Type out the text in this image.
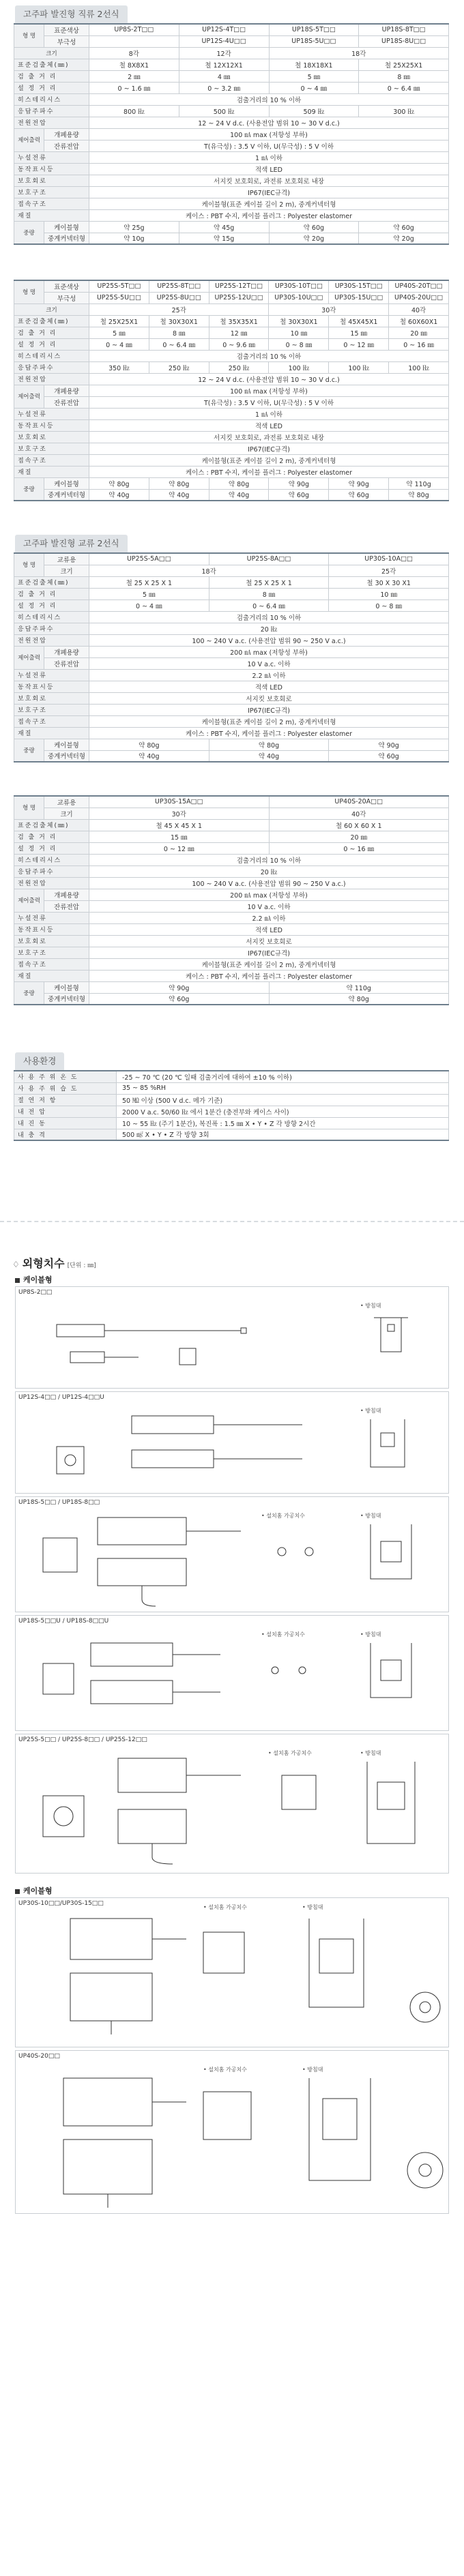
고주파 발진형 직류 2선식
형 명	표준색상	UP8S-2T□□	UP12S-4T□□	UP18S-5T□□	UP18S-8T□□
	부극성		UP12S-4U□□	UP18S-5U□□	UP18S-8U□□
크기		8각	12각	18각	
표준검출체(㎜)		철 8X8X1	철 12X12X1	철 18X18X1	철 25X25X1
검 출 거 리		2 ㎜	4 ㎜	5 ㎜	8 ㎜
설 정 거 리		0 ~ 1.6 ㎜	0 ~ 3.2 ㎜	0 ~ 4 ㎜	0 ~ 6.4 ㎜
히스테리시스		검출거리의 10 % 이하			
응답주파수		800 ㎐	500 ㎐	509 ㎐	300 ㎐
전원전압		12 ~ 24 V d.c. (사용전압 범위 10 ~ 30 V d.c.)			
제어출력	개폐용량	100 ㎃ max (저항성 부하)			
	잔류전압	T(유극성) : 3.5 V 이하, U(무극성) : 5 V 이하			
누설전류		1 ㎃ 이하			
동작표시등		적색 LED			
보호회로		서지킷 보호회로, 과전류 보호회로 내장			
보호구조		IP67(IEC규격)			
접속구조		케이블형(표준 케이블 길이 2 m), 중계커넥터형			
재질		케이스 : PBT 수지, 케이블 플러그 : Polyester elastomer			
중량	케이블형	약 25g	약 45g	약 60g	약 60g
	중계커넥터형	약 10g	약 15g	약 20g	약 20g
형 명	표준색상	UP25S-5T□□	UP25S-8T□□	UP25S-12T□□	UP30S-10T□□	UP30S-15T□□	UP40S-20T□□
	부극성	UP25S-5U□□	UP25S-8U□□	UP25S-12U□□	UP30S-10U□□	UP30S-15U□□	UP40S-20U□□
크기		25각			30각		40각
표준검출체(㎜)		철 25X25X1	철 30X30X1	철 35X35X1	철 30X30X1	철 45X45X1	철 60X60X1
검 출 거 리		5 ㎜	8 ㎜	12 ㎜	10 ㎜	15 ㎜	20 ㎜
설 정 거 리		0 ~ 4 ㎜	0 ~ 6.4 ㎜	0 ~ 9.6 ㎜	0 ~ 8 ㎜	0 ~ 12 ㎜	0 ~ 16 ㎜
히스테리시스		검출거리의 10 % 이하					
응답주파수		350 ㎐	250 ㎐	250 ㎐	100 ㎐	100 ㎐	100 ㎐
전원전압		12 ~ 24 V d.c. (사용전압 범위 10 ~ 30 V d.c.)					
제어출력	개폐용량	100 ㎃ max (저항성 부하)					
	잔류전압	T(유극성) : 3.5 V 이하, U(무극성) : 5 V 이하					
누설전류		1 ㎃ 이하					
동작표시등		적색 LED					
보호회로		서지킷 보호회로, 과전류 보호회로 내장					
보호구조		IP67(IEC규격)					
접속구조		케이블형(표준 케이블 길이 2 m), 중계커넥터형					
재질		케이스 : PBT 수지, 케이블 플러그 : Polyester elastomer					
중량	케이블형	약 80g	약 80g	약 80g	약 90g	약 90g	약 110g
	중계커넥터형	약 40g	약 40g	약 40g	약 60g	약 60g	약 80g
고주파 발진형 교류 2선식
형 명	교류용	UP25S-5A□□	UP25S-8A□□	UP30S-10A□□
	크기	18각		25각
표준검출체(㎜)		철 25 X 25 X 1	철 25 X 25 X 1	철 30 X 30 X1
검 출 거 리		5 ㎜	8 ㎜	10 ㎜
설 정 거 리		0 ~ 4 ㎜	0 ~ 6.4 ㎜	0 ~ 8 ㎜
히스테리시스		검출거리의 10 % 이하		
응답주파수		20 ㎐		
전원전압		100 ~ 240 V a.c. (사용전압 범위 90 ~ 250 V a.c.)		
제어출력	개폐용량	200 ㎃ max (저항성 부하)		
	잔류전압	10 V a.c. 이하		
누설전류		2.2 ㎃ 이하		
동작표시등		적색 LED		
보호회로		서지킷 보호회로		
보호구조		IP67(IEC규격)		
접속구조		케이블형(표준 케이블 길이 2 m), 중계커넥터형		
재질		케이스 : PBT 수지, 케이블 플러그 : Polyester elastomer		
중량	케이블형	약 80g	약 80g	약 90g
	중계커넥터형	약 40g	약 40g	약 60g
형 명	교류용	UP30S-15A□□	UP40S-20A□□
	크기	30각	40각
표준검출체(㎜)		철 45 X 45 X 1	철 60 X 60 X 1
검 출 거 리		15 ㎜	20 ㎜
설 정 거 리		0 ~ 12 ㎜	0 ~ 16 ㎜
히스테리시스		검출거리의 10 % 이하	
응답주파수		20 ㎐	
전원전압		100 ~ 240 V a.c. (사용전압 범위 90 ~ 250 V a.c.)	
제어출력	개폐용량	200 ㎃ max (저항성 부하)	
	잔류전압	10 V a.c. 이하	
누설전류		2.2 ㎃ 이하	
동작표시등		적색 LED	
보호회로		서지킷 보호회로	
보호구조		IP67(IEC규격)	
접속구조		케이블형(표준 케이블 길이 2 m), 중계커넥터형	
재질		케이스 : PBT 수지, 케이블 플러그 : Polyester elastomer	
중량	케이블형	약 90g	약 110g
	중계커넥터형	약 60g	약 80g
사용환경
사 용 주 위 온 도	-25 ~ 70 ℃ (20 ℃ 일때 검출거리에 대하여 ±10 % 이하)
사 용 주 위 습 도	35 ~ 85 %RH
절 연 저 항	50 ㏁ 이상 (500 V d.c. 메가 기준)
내 전 압	2000 V a.c. 50/60 ㎐ 에서 1분간 (충전부와 케이스 사이)
내 진 동	10 ~ 55 ㎐ (주기 1분간), 복진폭 : 1.5 ㎜ X • Y • Z 각 방향 2시간
내 충 격	500 ㎨ X • Y • Z 각 방향 3회
♢ 외형치수 [단위 : ㎜]
케이블형
UP8S-2□□
• 방침대
UP12S-4□□ / UP12S-4□□U
• 방침대
UP18S-5□□ / UP18S-8□□
• 설치홈 가공치수	• 방침대
UP18S-5□□U / UP18S-8□□U
• 설치홈 가공치수	• 방침대
UP25S-5□□ / UP25S-8□□ / UP25S-12□□
• 설치홈 가공치수	• 방침대
케이블형
UP30S-10□□/UP30S-15□□
• 설치홈 가공치수	• 방침대
UP40S-20□□
• 설치홈 가공치수	• 방침대
